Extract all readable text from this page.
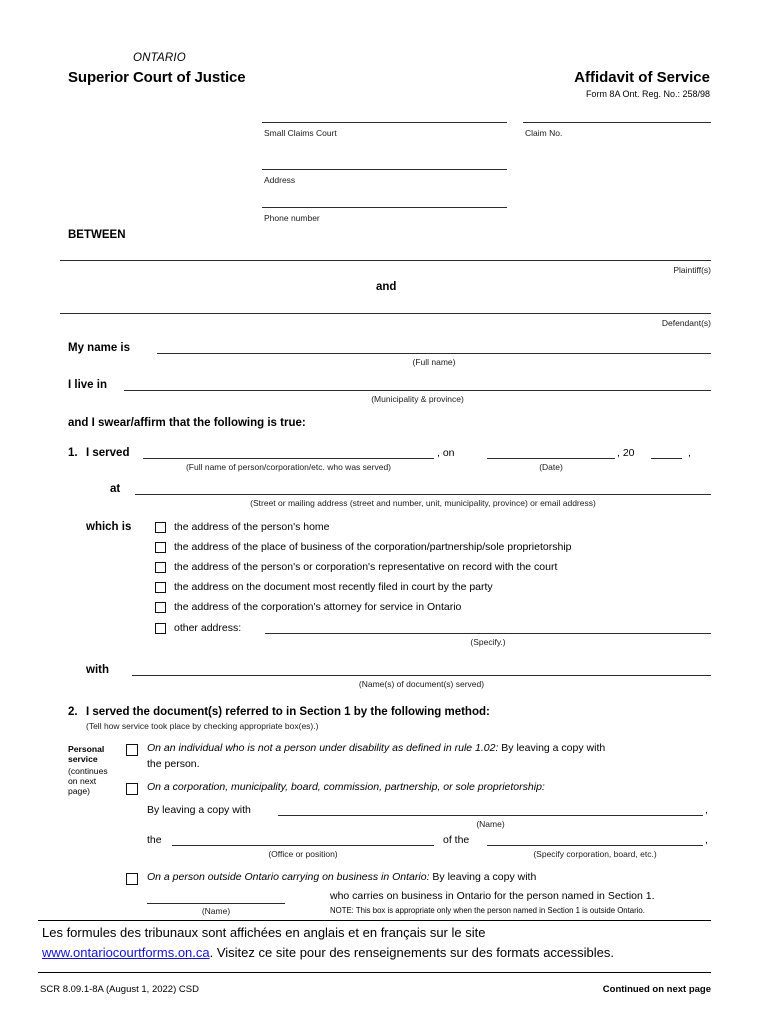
ONTARIO
Superior Court of Justice	Affidavit of Service
Form 8A Ont. Reg. No.: 258/98
Small Claims Court	Claim No.
Address
Phone number
BETWEEN
Plaintiff(s)
and
Defendant(s)
My name is
(Full name)
I live in
(Municipality & province)
and I swear/affirm that the following is true:
1. I served
(Full name of person/corporation/etc. who was served)
, on
(Date)
, 20	,
at
(Street or mailing address (street and number, unit, municipality, province) or email address)
which is	the address of the person's home
the address of the place of business of the corporation/partnership/sole proprietorship
the address of the person's or corporation's representative on record with the court
the address on the document most recently filed in court by the party
the address of the corporation's attorney for service in Ontario
other address:
(Specify.)
with
(Name(s) of document(s) served)
2. I served the document(s) referred to in Section 1 by the following method:
(Tell how service took place by checking appropriate box(es).)
Personal
service
(continues
on next
page)
On an individual who is not a person under disability as defined in rule 1.02: By leaving a copy with
the person.
On a corporation, municipality, board, commission, partnership, or sole proprietorship:
By leaving a copy with
(Name)
,
the
(Office or position)
of the
(Specify corporation, board, etc.)
,
On a person outside Ontario carrying on business in Ontario: By leaving a copy with
(Name)
who carries on business in Ontario for the person named in Section 1.
NOTE: This box is appropriate only when the person named in Section 1 is outside Ontario.
Les formules des tribunaux sont affichées en anglais et en français sur le site
www.ontariocourtforms.on.ca. Visitez ce site pour des renseignements sur des formats accessibles.
SCR 8.09.1-8A (August 1, 2022) CSD	Continued on next page
